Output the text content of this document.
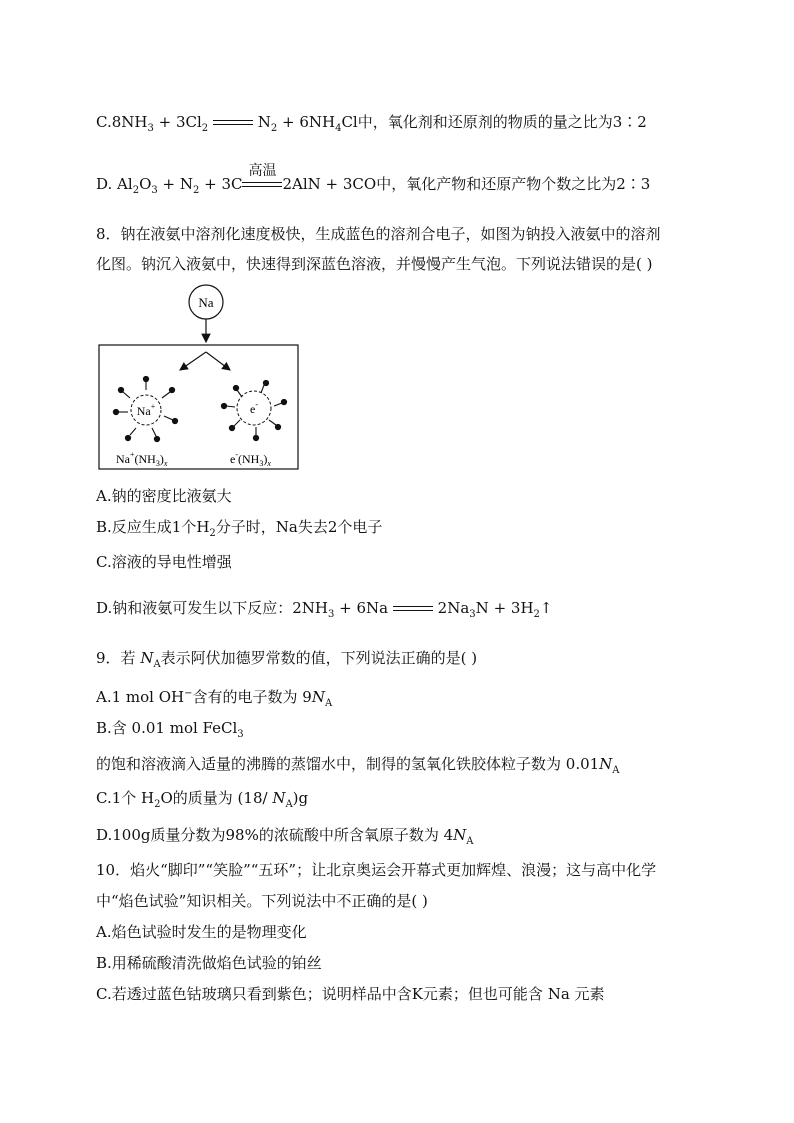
$C.8NH_3 + 3Cl_2$	$N_2 + 6NH_4Cl$中，氧化剂和还原剂的物质的量之比为3∶2
D. $Al_2O_3 + N_2 + 3C$
高温
2AlN + 3CO中，氧化产物和还原产物个数之比为2∶3
8．钠在液氨中溶剂化速度极快，生成蓝色的溶剂合电子，如图为钠投入液氨中的溶剂
化图。钠沉入液氨中，快速得到深蓝色溶液，并慢慢产生气泡。下列说法错误的是( )
Na
Na+	e-
$Na^+(NH_3)_x$	$e^-(NH_3)_x$
A.钠的密度比液氨大
B.反应生成1个$H_2$分子时，Na失去2个电子
C.溶液的导电性增强
D.钠和液氨可发生以下反应：$2NH_3 + 6Na$	$2Na_3N$ + $3H_2↑$
9．若 $N_A$表示阿伏加德罗常数的值，下列说法正确的是( )
A.1 mol OH−含有的电子数为 $9N_A$
B.含 0.01 mol FeCl$_3$
的饱和溶液滴入适量的沸腾的蒸馏水中，制得的氢氧化铁胶体粒子数为 $0.01N_A$
C.1个 $H_2O$的质量为 (18/ $N_A)g$
D.100g质量分数为98%的浓硫酸中所含氧原子数为 $4N_A$
10．焰火“脚印”“笑脸”“五环”；让北京奥运会开幕式更加辉煌、浪漫；这与高中化学
中“焰色试验”知识相关。下列说法中不正确的是( )
A.焰色试验时发生的是物理变化
B.用稀硫酸清洗做焰色试验的铂丝
C.若透过蓝色钴玻璃只看到紫色；说明样品中含K元素；但也可能含 Na 元素
